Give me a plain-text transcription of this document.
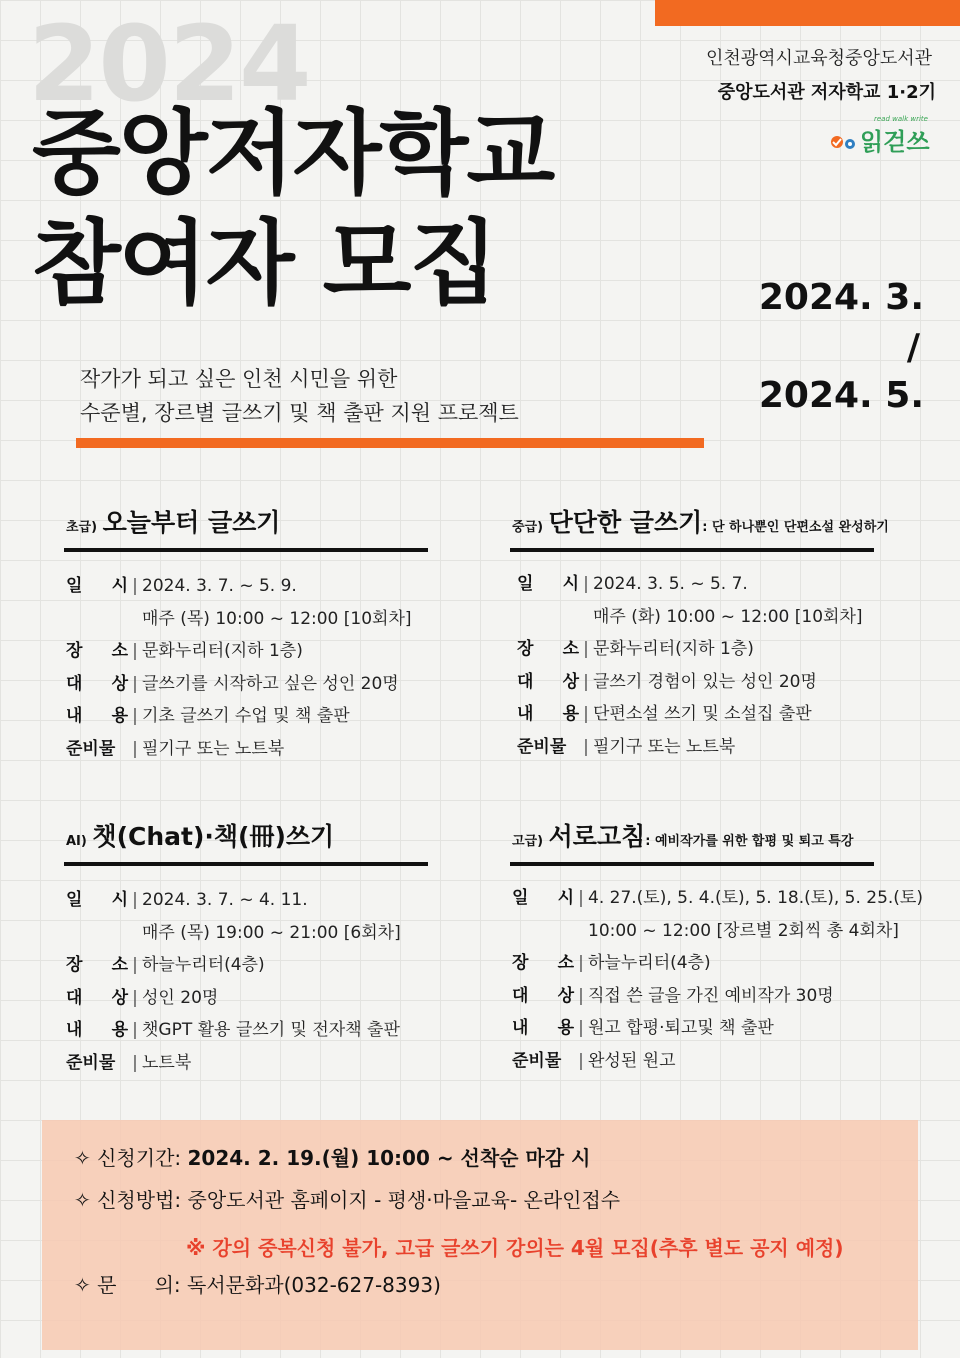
2024
중앙저자학교
참여자 모집
인천광역시교육청중앙도서관
중앙도서관 저자학교 1·2기
read walk write
읽걷쓰
2024. 3.
/
2024. 5.
작가가 되고 싶은 인천 시민을 위한
수준별, 장르별 글쓰기 및 책 출판 지원 프로젝트
초급) 오늘부터 글쓰기
일 시 | 2024. 3. 7. ~ 5. 9.
매주 (목) 10:00 ~ 12:00 [10회차]
장 소 | 문화누리터(지하 1층)
대 상 | 글쓰기를 시작하고 싶은 성인 20명
내 용 | 기초 글쓰기 수업 및 책 출판
준비물 | 필기구 또는 노트북
중급) 단단한 글쓰기: 단 하나뿐인 단편소설 완성하기
일 시 | 2024. 3. 5. ~ 5. 7.
매주 (화) 10:00 ~ 12:00 [10회차]
장 소 | 문화누리터(지하 1층)
대 상 | 글쓰기 경험이 있는 성인 20명
내 용 | 단편소설 쓰기 및 소설집 출판
준비물 | 필기구 또는 노트북
AI) 챗(Chat)·책(冊)쓰기
일 시 | 2024. 3. 7. ~ 4. 11.
매주 (목) 19:00 ~ 21:00 [6회차]
장 소 | 하늘누리터(4층)
대 상 | 성인 20명
내 용 | 챗GPT 활용 글쓰기 및 전자책 출판
준비물 | 노트북
고급) 서로고침: 예비작가를 위한 합평 및 퇴고 특강
일 시 | 4. 27.(토), 5. 4.(토), 5. 18.(토), 5. 25.(토)
10:00 ~ 12:00 [장르별 2회씩 총 4회차]
장 소 | 하늘누리터(4층)
대 상 | 직접 쓴 글을 가진 예비작가 30명
내 용 | 원고 합평·퇴고및 책 출판
준비물 | 완성된 원고
✧ 신청기간: 2024. 2. 19.(월) 10:00 ~ 선착순 마감 시
✧ 신청방법: 중앙도서관 홈페이지 - 평생·마을교육- 온라인접수
※ 강의 중복신청 불가, 고급 글쓰기 강의는 4월 모집(추후 별도 공지 예정)
✧ 문      의: 독서문화과(032-627-8393)
